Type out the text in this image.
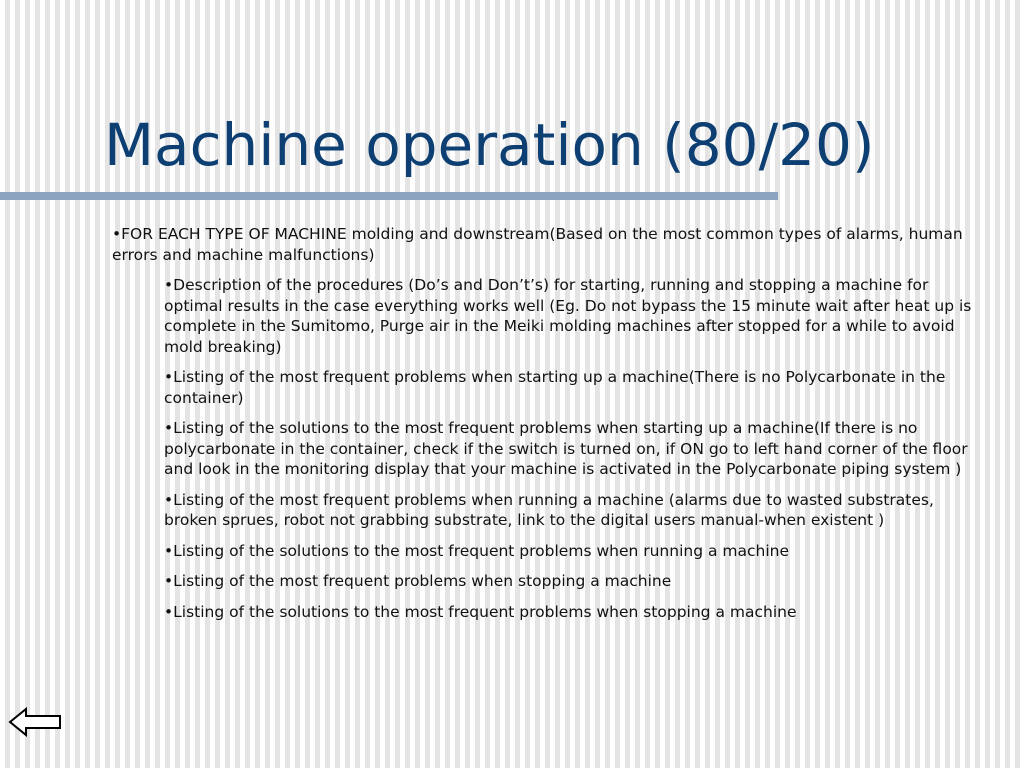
Machine operation (80/20)
•FOR EACH TYPE OF MACHINE molding and downstream(Based on the most common types of alarms, human errors and machine malfunctions)
•Description of the procedures (Do’s and Don’t’s) for starting, running and stopping a machine for optimal results in the case everything works well (Eg. Do not bypass the 15 minute wait after heat up is complete in the Sumitomo, Purge air in the Meiki molding machines after stopped for a while to avoid mold breaking)
•Listing of the most frequent problems when starting up a machine(There is no Polycarbonate in the container)
•Listing of the solutions to the most frequent problems when starting up a machine(If there is no polycarbonate in the container, check if the switch is turned on, if ON go to left hand corner of the floor and look in the monitoring display that your machine is activated in the Polycarbonate piping system )
•Listing of the most frequent problems when running a machine (alarms due to wasted substrates, broken sprues, robot not grabbing substrate, link to the digital users manual-when existent )
•Listing of the solutions to the most frequent problems when running a machine
•Listing of the most frequent problems when stopping a machine
•Listing of the solutions to the most frequent problems when stopping a machine
